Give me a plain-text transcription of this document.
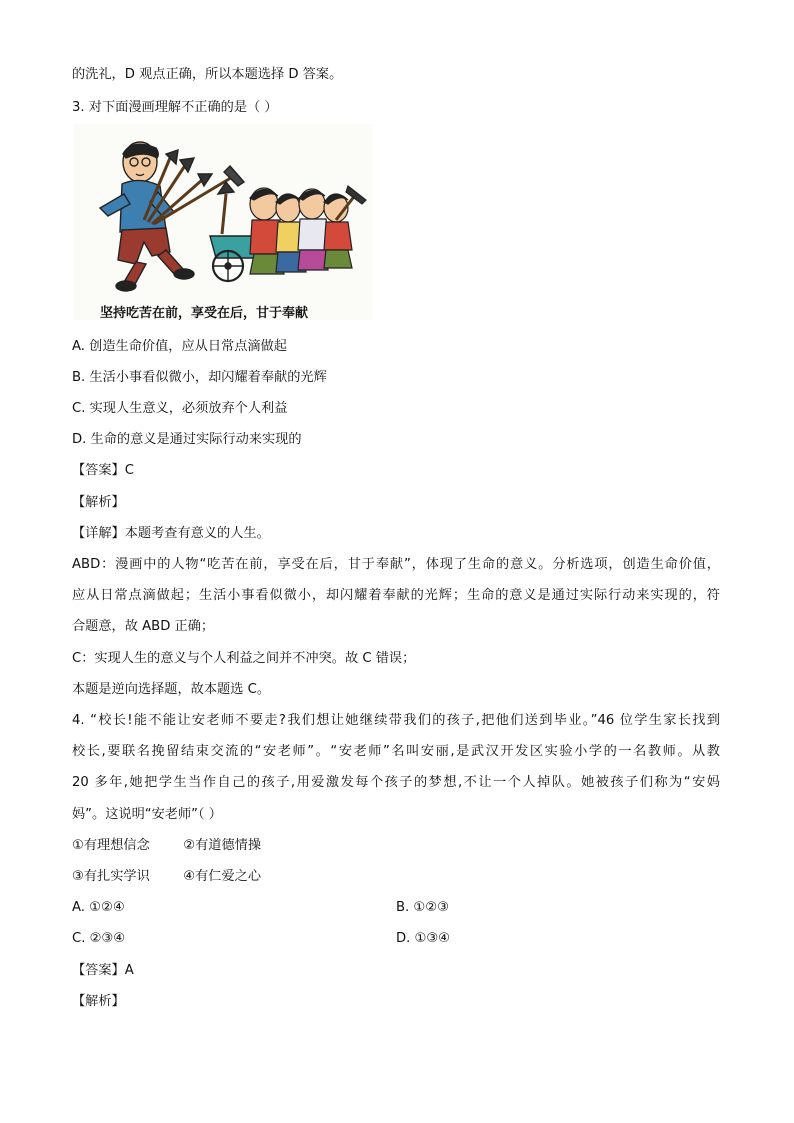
的洗礼，D 观点正确，所以本题选择 D 答案。
3. 对下面漫画理解不正确的是（ ）
坚持吃苦在前，享受在后，甘于奉献
A. 创造生命价值，应从日常点滴做起
B. 生活小事看似微小，却闪耀着奉献的光辉
C. 实现人生意义，必须放弃个人利益
D. 生命的意义是通过实际行动来实现的
【答案】C
【解析】
【详解】本题考查有意义的人生。
ABD：漫画中的人物“吃苦在前，享受在后，甘于奉献”，体现了生命的意义。分析选项，创造生命价值，
应从日常点滴做起；生活小事看似微小，却闪耀着奉献的光辉；生命的意义是通过实际行动来实现的，符
合题意，故 ABD 正确；
C：实现人生的意义与个人利益之间并不冲突。故 C 错误；
本题是逆向选择题，故本题选 C。
4. “校长!能不能让安老师不要走?我们想让她继续带我们的孩子,把他们送到毕业。”46 位学生家长找到
校长,要联名挽留结束交流的“安老师”。“安老师”名叫安丽,是武汉开发区实验小学的一名教师。从教
20 多年,她把学生当作自己的孩子,用爱激发每个孩子的梦想,不让一个人掉队。她被孩子们称为“安妈
妈”。这说明“安老师”（ ）
①有理想信念        ②有道德情操
③有扎实学识        ④有仁爱之心
A. ①②④	B. ①②③
C. ②③④	D. ①③④
【答案】A
【解析】
